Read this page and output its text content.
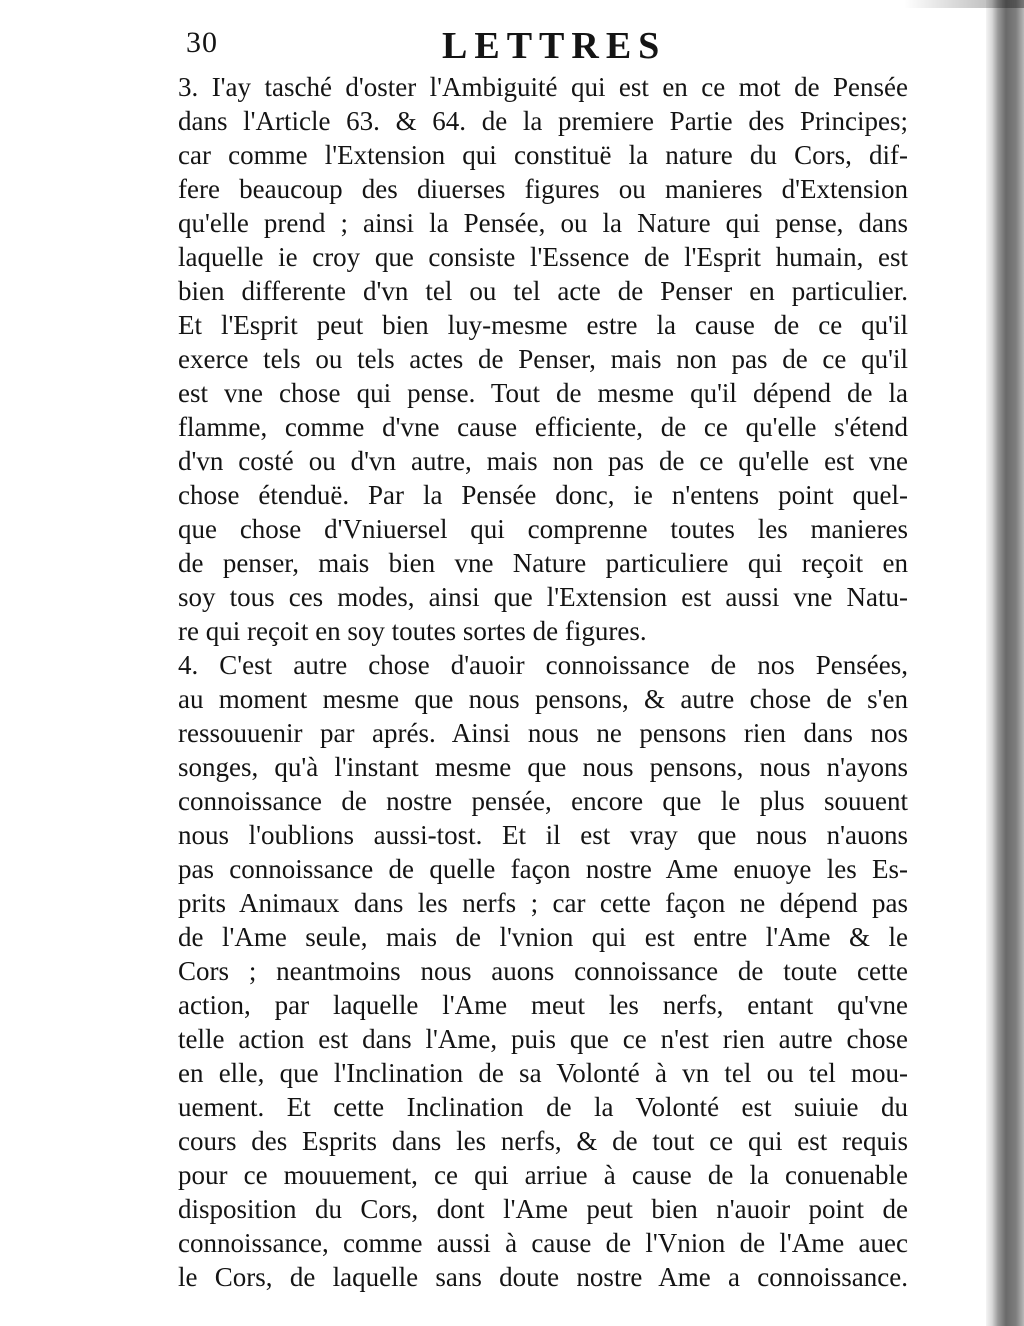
30	LETTRES
3. I'ay tasché d'oster l'Ambiguité qui est en ce mot de Pensée
dans l'Article 63. & 64. de la premiere Partie des Principes;
car comme l'Extension qui constituë la nature du Cors, dif-
fere beaucoup des diuerses figures ou manieres d'Extension
qu'elle prend ; ainsi la Pensée, ou la Nature qui pense, dans
laquelle ie croy que consiste l'Essence de l'Esprit humain, est
bien differente d'vn tel ou tel acte de Penser en particulier.
Et l'Esprit peut bien luy-mesme estre la cause de ce qu'il
exerce tels ou tels actes de Penser, mais non pas de ce qu'il
est vne chose qui pense. Tout de mesme qu'il dépend de la
flamme, comme d'vne cause efficiente, de ce qu'elle s'étend
d'vn costé ou d'vn autre, mais non pas de ce qu'elle est vne
chose étenduë. Par la Pensée donc, ie n'entens point quel-
que chose d'Vniuersel qui comprenne toutes les manieres
de penser, mais bien vne Nature particuliere qui reçoit en
soy tous ces modes, ainsi que l'Extension est aussi vne Natu-
re qui reçoit en soy toutes sortes de figures.
4. C'est autre chose d'auoir connoissance de nos Pensées,
au moment mesme que nous pensons, & autre chose de s'en
ressouuenir par aprés. Ainsi nous ne pensons rien dans nos
songes, qu'à l'instant mesme que nous pensons, nous n'ayons
connoissance de nostre pensée, encore que le plus souuent
nous l'oublions aussi-tost. Et il est vray que nous n'auons
pas connoissance de quelle façon nostre Ame enuoye les Es-
prits Animaux dans les nerfs ; car cette façon ne dépend pas
de l'Ame seule, mais de l'vnion qui est entre l'Ame & le
Cors ; neantmoins nous auons connoissance de toute cette
action, par laquelle l'Ame meut les nerfs, entant qu'vne
telle action est dans l'Ame, puis que ce n'est rien autre chose
en elle, que l'Inclination de sa Volonté à vn tel ou tel mou-
uement. Et cette Inclination de la Volonté est suiuie du
cours des Esprits dans les nerfs, & de tout ce qui est requis
pour ce mouuement, ce qui arriue à cause de la conuenable
disposition du Cors, dont l'Ame peut bien n'auoir point de
connoissance, comme aussi à cause de l'Vnion de l'Ame auec
le Cors, de laquelle sans doute nostre Ame a connoissance.
